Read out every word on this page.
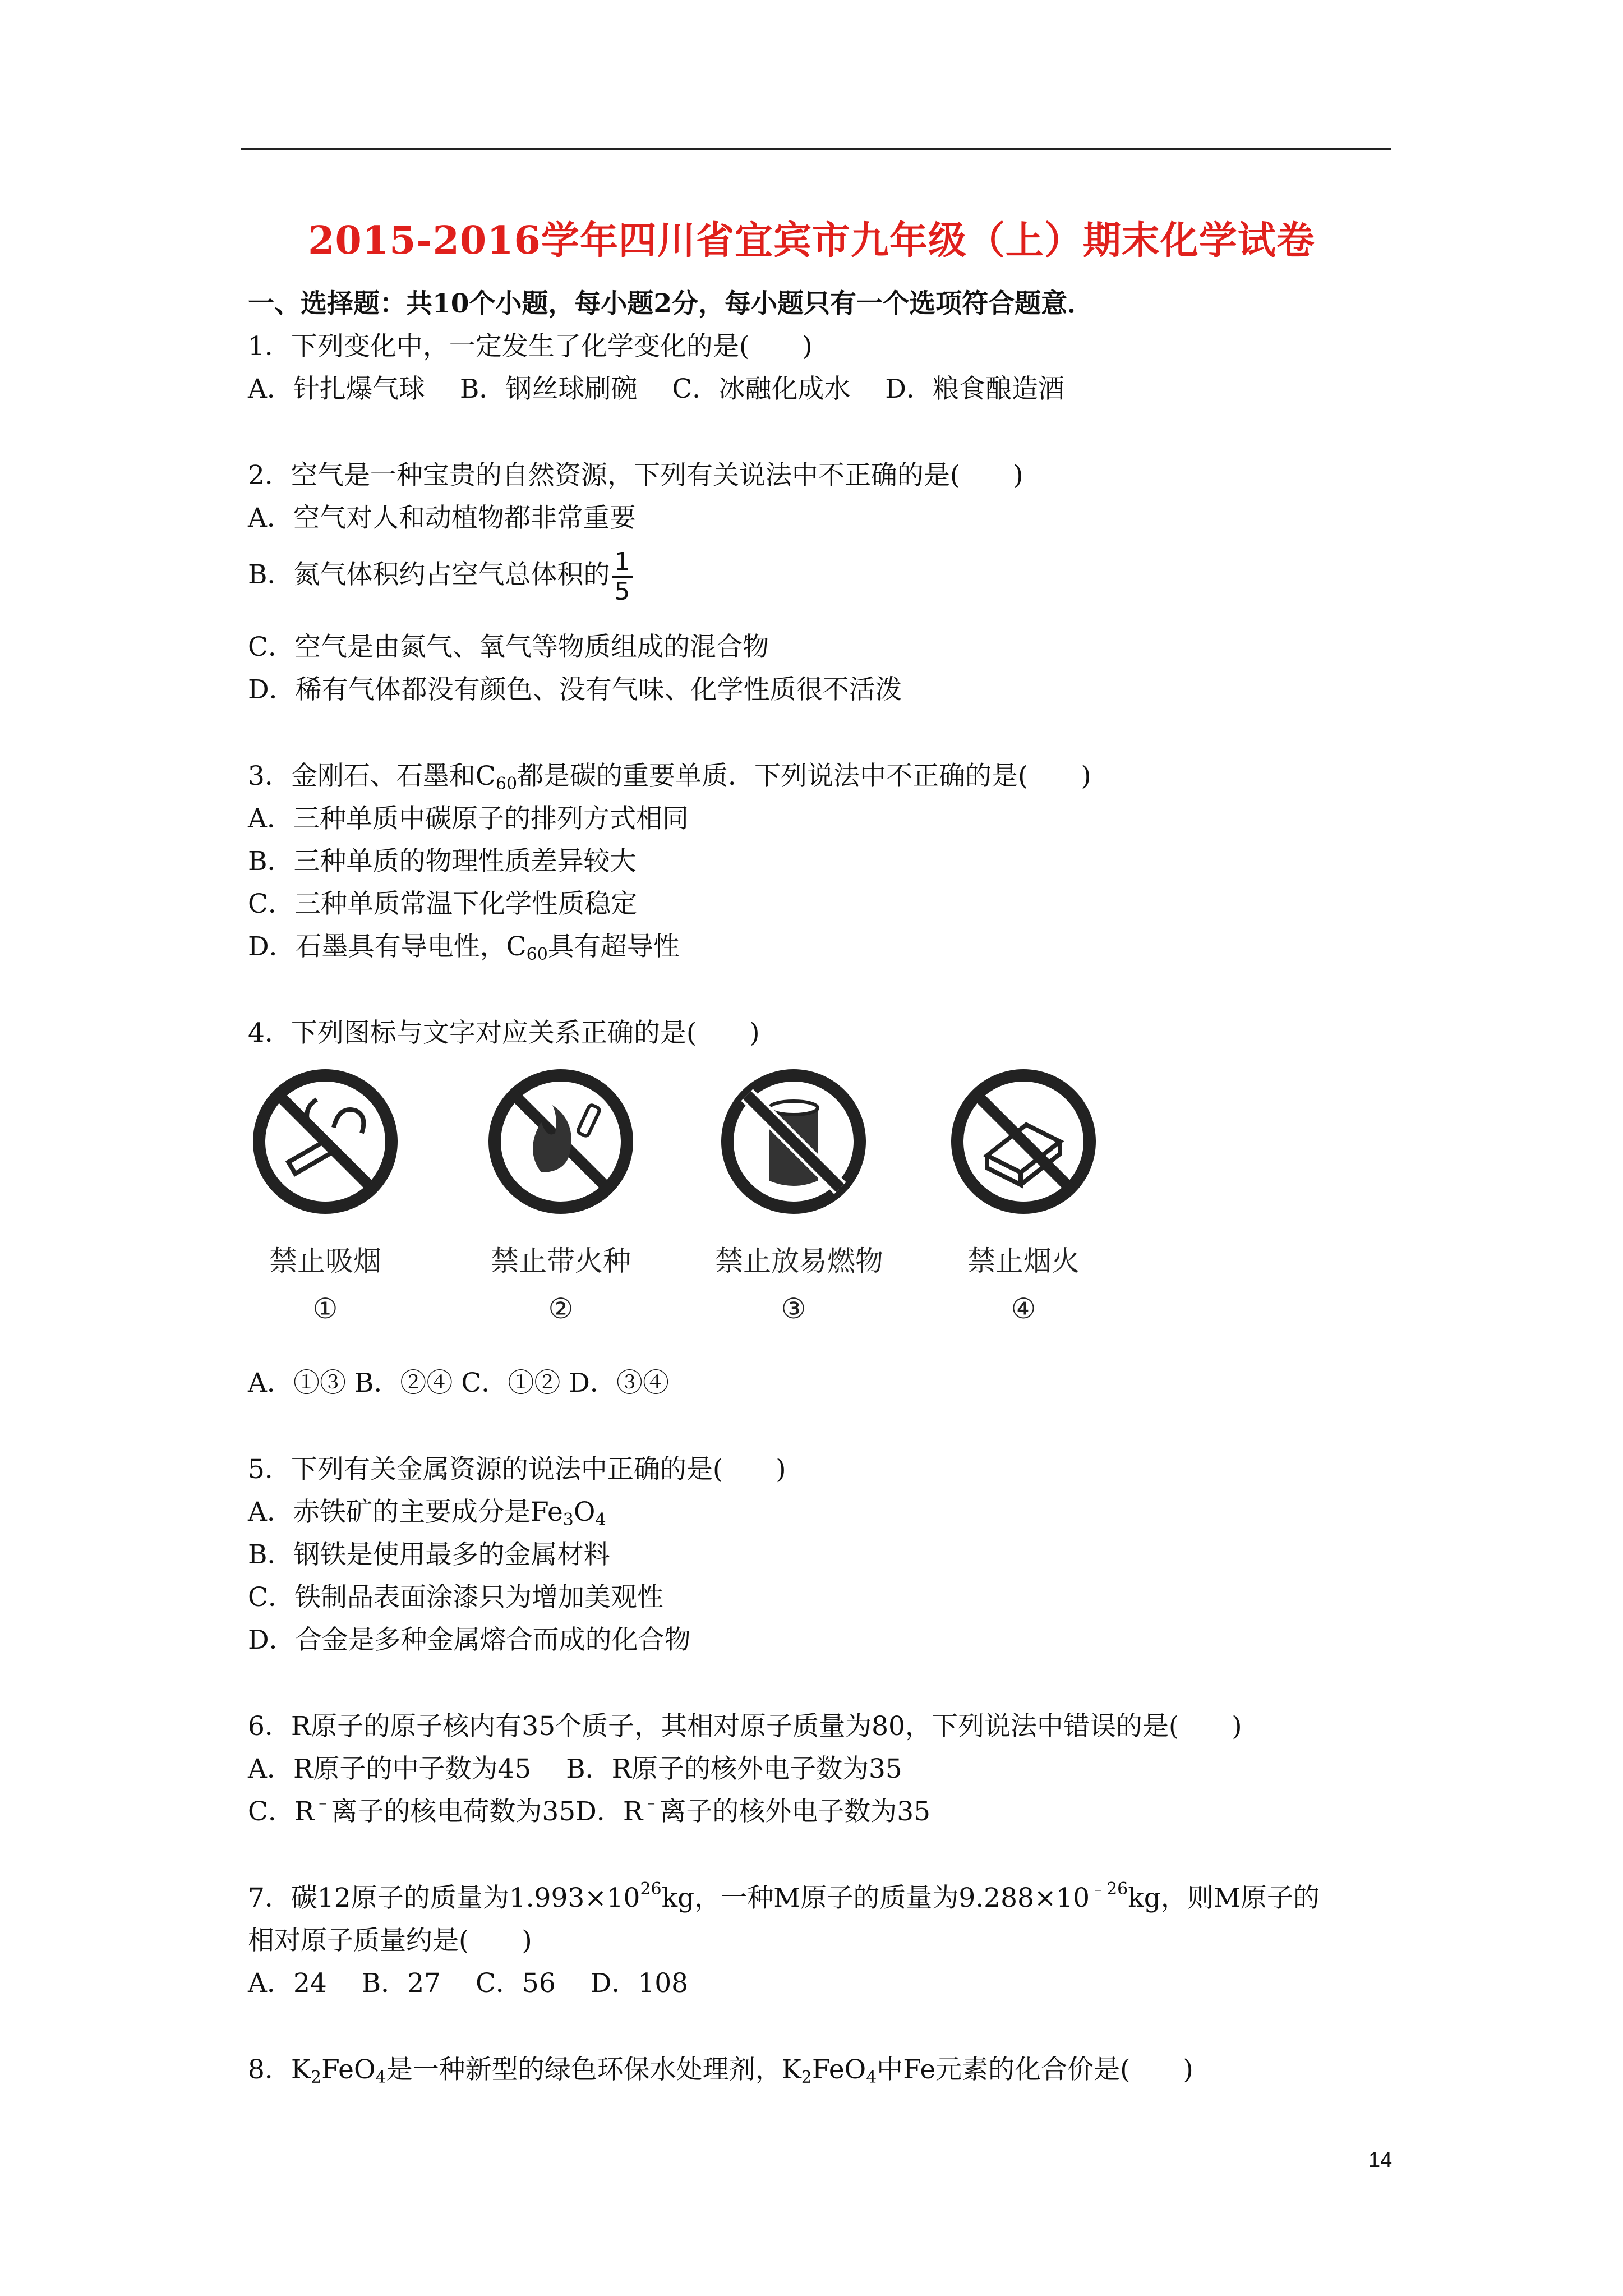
2015-2016学年四川省宜宾市九年级（上）期末化学试卷
一、选择题：共10个小题，每小题2分，每小题只有一个选项符合题意．
1．下列变化中，一定发生了化学变化的是(　　)
A．针扎爆气球　 B．钢丝球刷碗　 C．冰融化成水　 D．粮食酿造酒
2．空气是一种宝贵的自然资源，下列有关说法中不正确的是(　　)
A．空气对人和动植物都非常重要
B．氮气体积约占空气总体积的 $\frac{1}{5}$
C．空气是由氮气、氧气等物质组成的混合物
D．稀有气体都没有颜色、没有气味、化学性质很不活泼
3．金刚石、石墨和$C_{60}$都是碳的重要单质．下列说法中不正确的是(　　)
A．三种单质中碳原子的排列方式相同
B．三种单质的物理性质差异较大
C．三种单质常温下化学性质稳定
D．石墨具有导电性，$C_{60}$具有超导性
4．下列图标与文字对应关系正确的是(　　)
禁止吸烟
①
禁止带火种
②
禁止放易燃物
③
禁止烟火
④
A．①③ B．②④ C．①② D．③④
5．下列有关金属资源的说法中正确的是(　　)
A．赤铁矿的主要成分是$Fe_3O_4$
B．钢铁是使用最多的金属材料
C．铁制品表面涂漆只为增加美观性
D．合金是多种金属熔合而成的化合物
6．R原子的原子核内有35个质子，其相对原子质量为80，下列说法中错误的是(　　)
A．R原子的中子数为45　 B．R原子的核外电子数为35
C．R﹣离子的核电荷数为35D．R﹣离子的核外电子数为35
7．碳12原子的质量为$1.993\times 10^{26}kg$，一种M原子的质量为$9.288\times 10^{﹣26}kg$，则M原子的
相对原子质量约是(　　)
A．24　 B．27　 C．56　 D．108
8．$K_2FeO_4$是一种新型的绿色环保水处理剂，$K_2FeO_4$中Fe元素的化合价是(　　)
14
